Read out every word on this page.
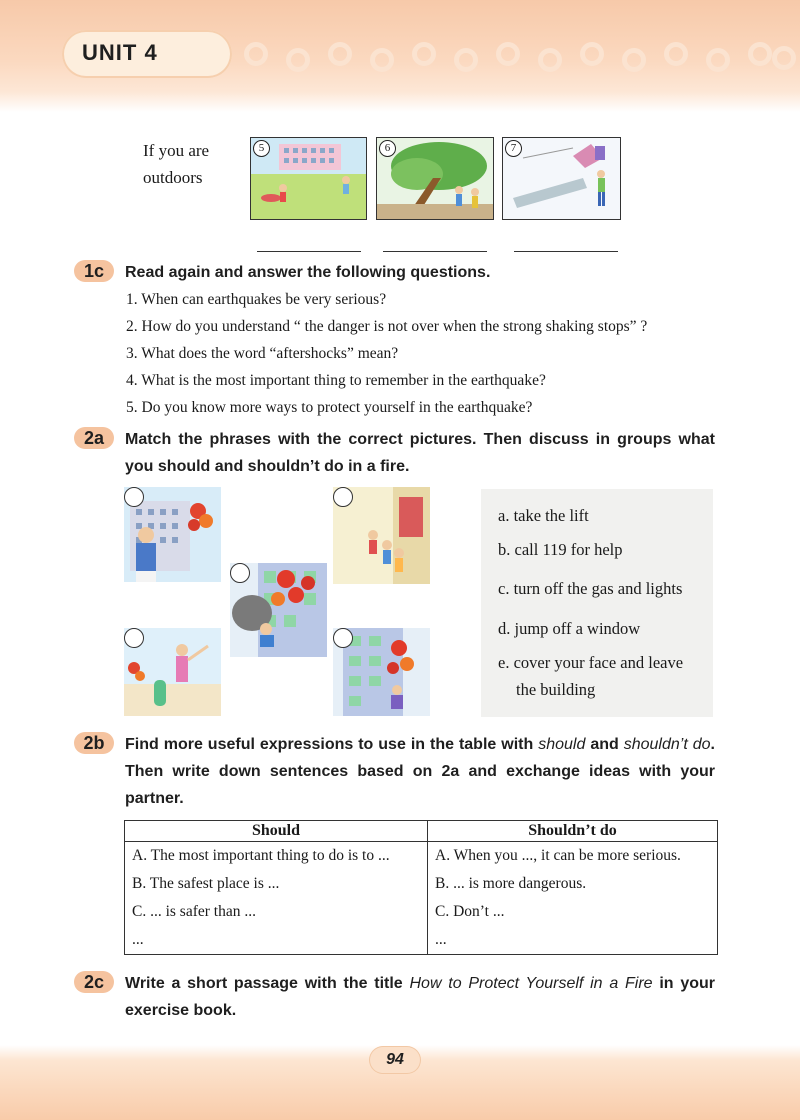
UNIT 4
If you are
outdoors
5	6	7
1c	Read again and answer the following questions.
1. When can earthquakes be very serious?
2. How do you understand “ the danger is not over when the strong shaking stops” ?
3. What does the word “aftershocks” mean?
4. What is the most important thing to remember in the earthquake?
5. Do you know more ways to protect yourself in the earthquake?
2a	Match the phrases with the correct pictures. Then discuss in groups what you should and shouldn’t do in a fire.
a. take the lift
b. call 119 for help
c. turn off the gas and lights
d. jump off a window
e. cover your face and leave
the building
2b	Find more useful expressions to use in the table with should and shouldn’t do. Then write down sentences based on 2a and exchange ideas with your partner.
Should	Shouldn’t do
A. The most important thing to do is to ...	A. When you ..., it can be more serious.
B. The safest place is ...	B. ... is more dangerous.
C. ... is safer than ...	C. Don’t ...
...	...
2c	Write a short passage with the title How to Protect Yourself in a Fire in your exercise book.
94
